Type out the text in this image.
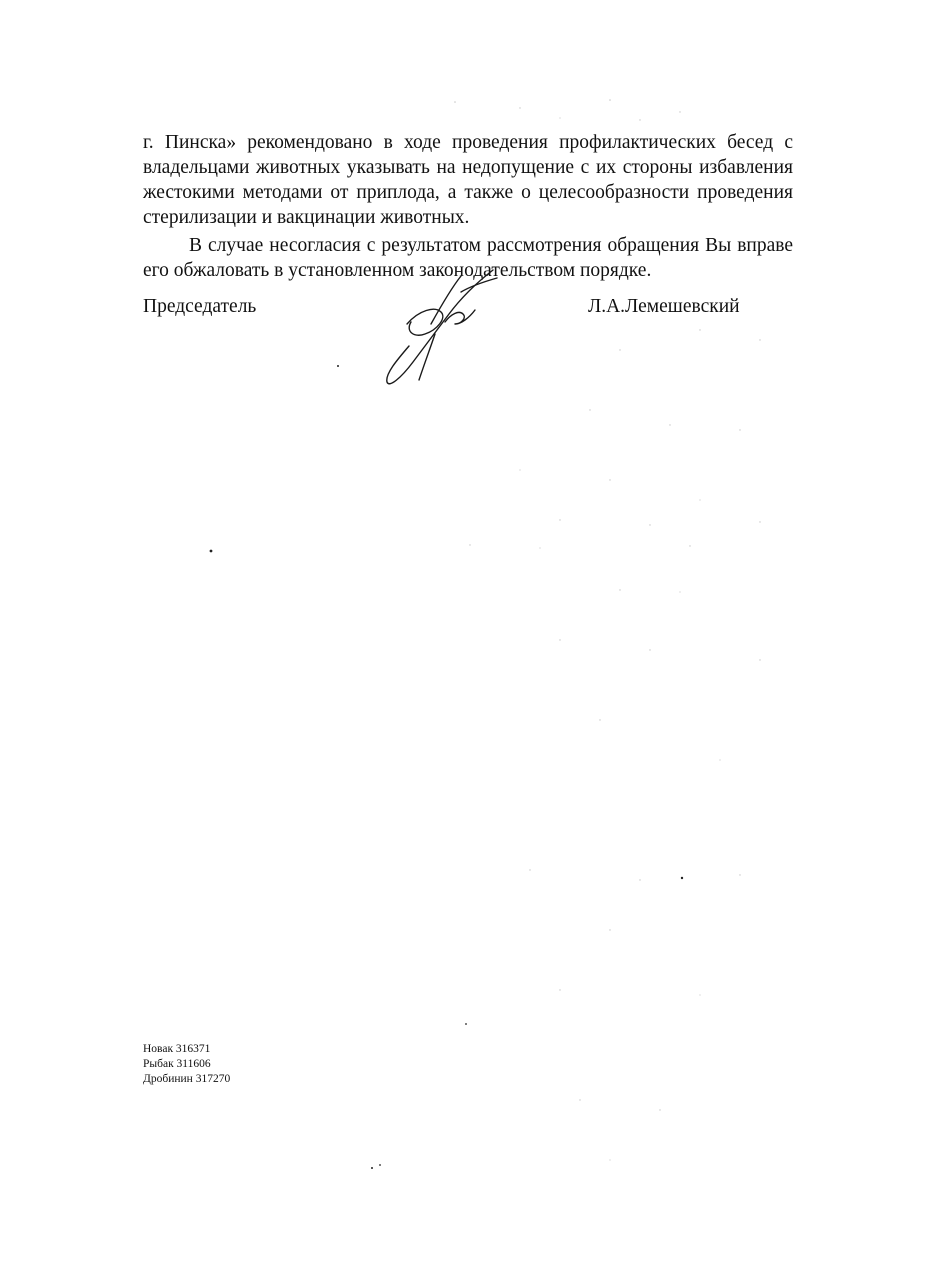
г. Пинска» рекомендовано в ходе проведения профилактических бесед с владельцами животных указывать на недопущение с их стороны избавления жестокими методами от приплода, а также о целесообразности проведения стерилизации и вакцинации животных.

В случае несогласия с результатом рассмотрения обращения Вы вправе его обжаловать в установленном законодательством порядке.

Председатель	Л.А.Лемешевский
Новак 316371
Рыбак 311606
Дробинин 317270
